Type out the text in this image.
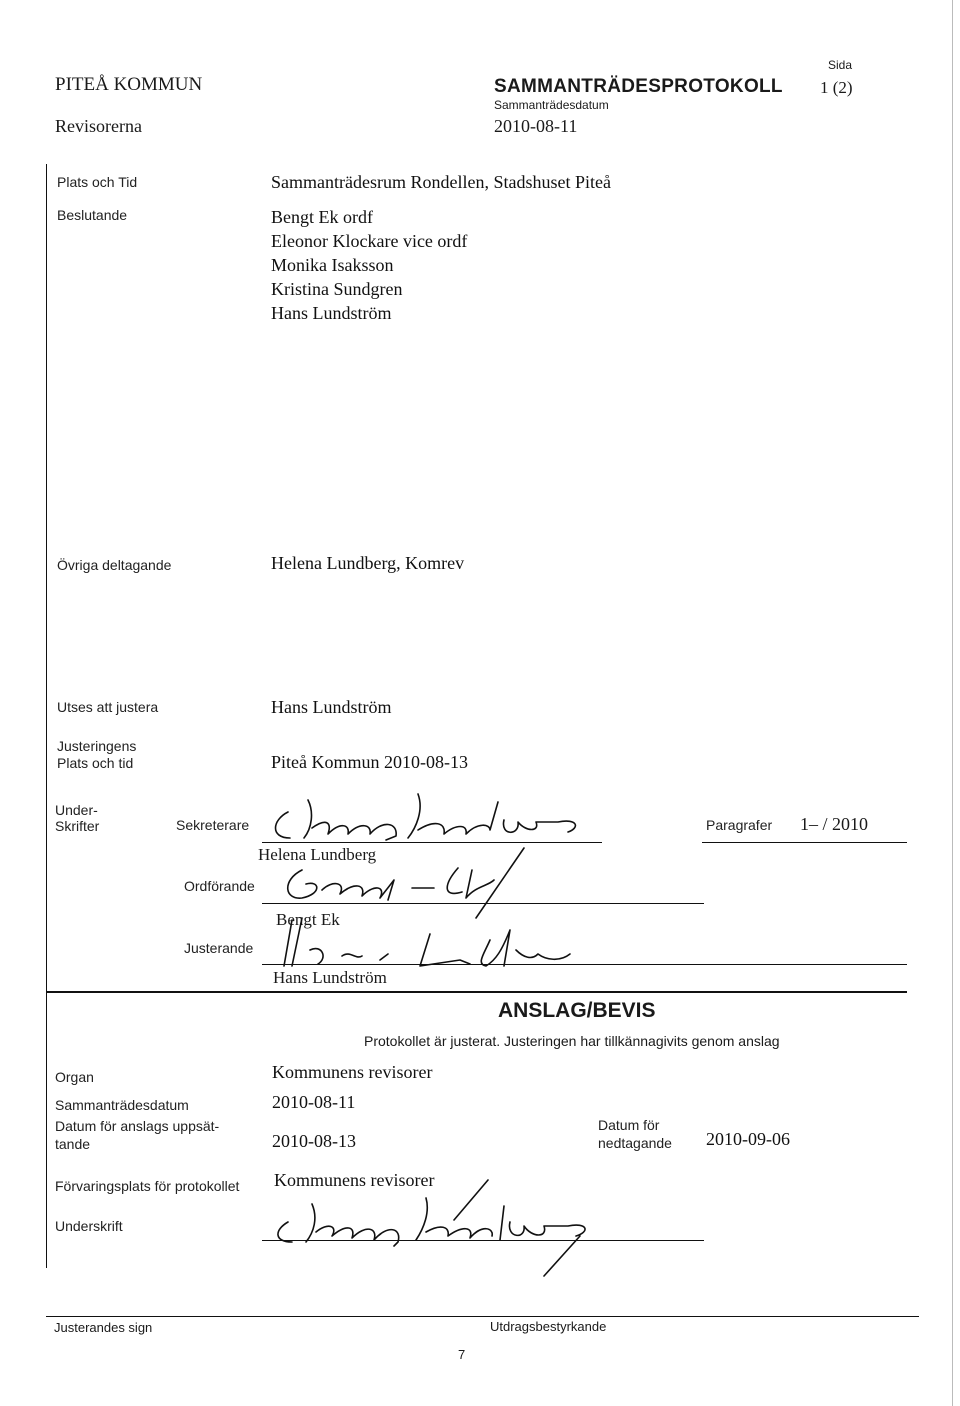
PITEÅ KOMMUN
Revisorerna
SAMMANTRÄDESPROTOKOLL
Sammanträdesdatum
2010-08-11
Sida
1 (2)
Plats och Tid	Sammanträdesrum Rondellen, Stadshuset Piteå
Beslutande	Bengt Ek ordf
Eleonor Klockare vice ordf
Monika Isaksson
Kristina Sundgren
Hans Lundström
Övriga deltagande	Helena Lundberg, Komrev
Utses att justera	Hans Lundström
Justeringens
Plats och tid	Piteå Kommun 2010-08-13
Under-
Skrifter	Sekreterare
Helena Lundberg
Paragrafer 1– / 2010
Ordförande
Bengt Ek
Justerande
Hans Lundström
ANSLAG/BEVIS
Protokollet är justerat. Justeringen har tillkännagivits genom anslag
Organ	Kommunens revisorer
Sammanträdesdatum	2010-08-11
Datum för anslags uppsät-
tande	2010-08-13
Datum för
nedtagande 2010-09-06
Förvaringsplats för protokollet Kommunens revisorer
Underskrift
Justerandes sign	Utdragsbestyrkande
7
